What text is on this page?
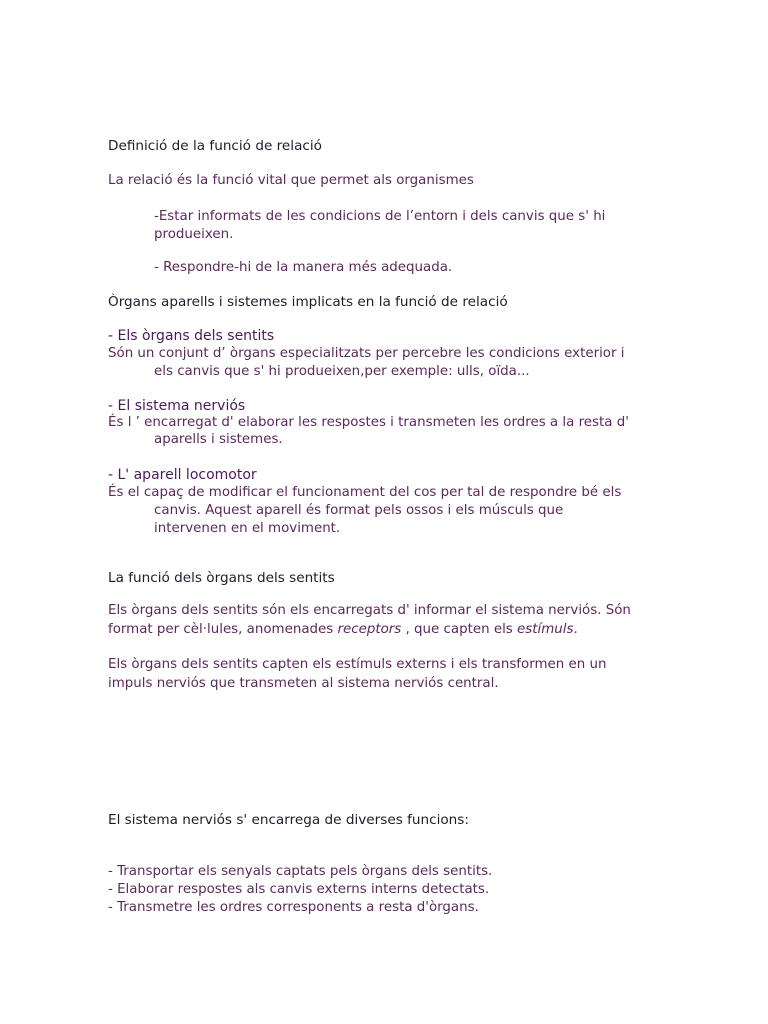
Definició de la funció de relació
La relació és la funció vital que permet als organismes
-Estar informats de les condicions de l’entorn i dels canvis que s' hi
produeixen.
- Respondre-hi de la manera més adequada.
Òrgans aparells i sistemes implicats en la funció de relació
- Els òrgans dels sentits
Són un conjunt d’ òrgans especialitzats per percebre les condicions exterior i
els canvis que s' hi produeixen,per exemple: ulls, oïda...
- El sistema nerviós
És l ’ encarregat d' elaborar les respostes i transmeten les ordres a la resta d'
aparells i sistemes.
- L' aparell locomotor
És el capaç de modificar el funcionament del cos per tal de respondre bé els
canvis. Aquest aparell és format pels ossos i els músculs que
intervenen en el moviment.
La funció dels òrgans dels sentits
Els òrgans dels sentits són els encarregats d' informar el sistema nerviós. Són
format per cèl·lules, anomenades receptors , que capten els estímuls.
Els òrgans dels sentits capten els estímuls externs i els transformen en un
impuls nerviós que transmeten al sistema nerviós central.
El sistema nerviós s' encarrega de diverses funcions:
- Transportar els senyals captats pels òrgans dels sentits.
- Elaborar respostes als canvis externs interns detectats.
- Transmetre les ordres corresponents a resta d'òrgans.
